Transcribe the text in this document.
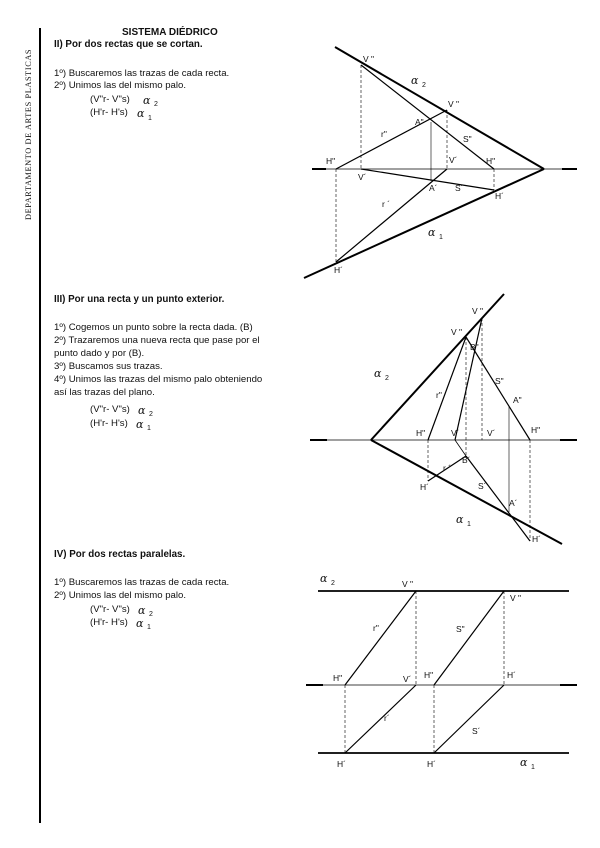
DEPARTAMENTO DE ARTES PLASTICAS
SISTEMA DIÉDRICO
II) Por dos rectas que se cortan.
1º) Buscaremos las trazas de cada recta.
2º) Unimos las del mismo palo.
(V"r- V"s)
(H'r- H's)
III) Por una recta y un punto exterior.
1º) Cogemos un punto sobre la recta dada. (B)
2º) Trazaremos una nueva recta que pase por el
punto dado y por (B).
3º) Buscamos sus trazas.
4º) Unimos las trazas del mismo palo obteniendo
así las trazas del plano.
(V"r- V"s)
(H'r- H's)
IV) Por dos rectas paralelas.
1º) Buscaremos las trazas de cada recta.
2º) Unimos las del mismo palo.
(V"r- V"s)
(H'r- H's)
α 2
α 1
α 2
α 1
α 2
α 1
V "
V "
A"
r"	S"
H"	V´
V´
H"
A´ S´
H´
r ´
H´
α 2
α 1
V "
V "
B"
S"
r"	A"
H"	V´	V´	H"
B´
r ´
H´	S´
A´
H´
α 2
α 1
V "
V "
r"	S"
H"	V´ H"	H´
r´
S´
H´	H´
α 2
α 1
